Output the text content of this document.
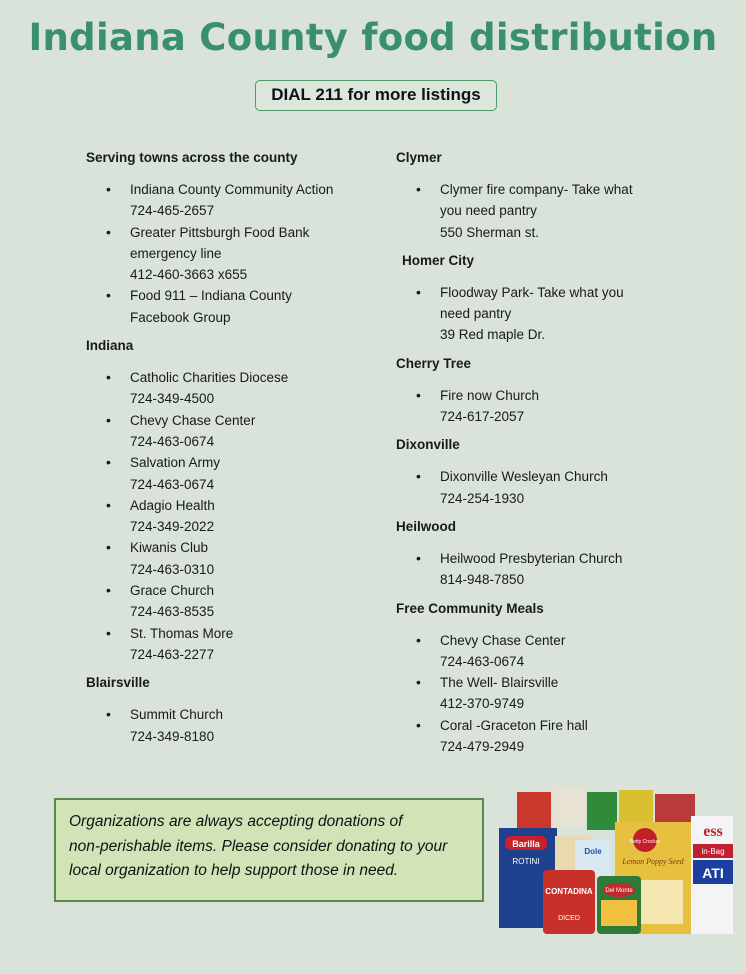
Indiana County food distribution
DIAL 211 for more listings
Serving towns across the county
• Indiana County Community Action
724-465-2657
• Greater Pittsburgh Food Bank
emergency line
412-460-3663 x655
• Food 911 – Indiana County
Facebook Group
Indiana
• Catholic Charities Diocese
724-349-4500
• Chevy Chase Center
724-463-0674
• Salvation Army
724-463-0674
• Adagio Health
724-349-2022
• Kiwanis Club
724-463-0310
• Grace Church
724-463-8535
• St. Thomas More
724-463-2277
Blairsville
• Summit Church
724-349-8180
Clymer
• Clymer fire company- Take what
you need pantry
550 Sherman st.
Homer City
• Floodway Park- Take what you
need pantry
39 Red maple Dr.
Cherry Tree
• Fire now Church
724-617-2057
Dixonville
• Dixonville Wesleyan Church
724-254-1930
Heilwood
• Heilwood Presbyterian Church
814-948-7850
Free Community Meals
• Chevy Chase Center
724-463-0674
• The Well- Blairsville
412-370-9749
• Coral -Graceton Fire hall
724-479-2949
Organizations are always accepting donations of
non-perishable items. Please consider donating to your
local organization to help support those in need.
Barilla
ROTINI
Dole
Betty Crocker
Lemon Poppy Seed
ess
in-Bag
ATI
CONTADINA
DICED
Del Monte
